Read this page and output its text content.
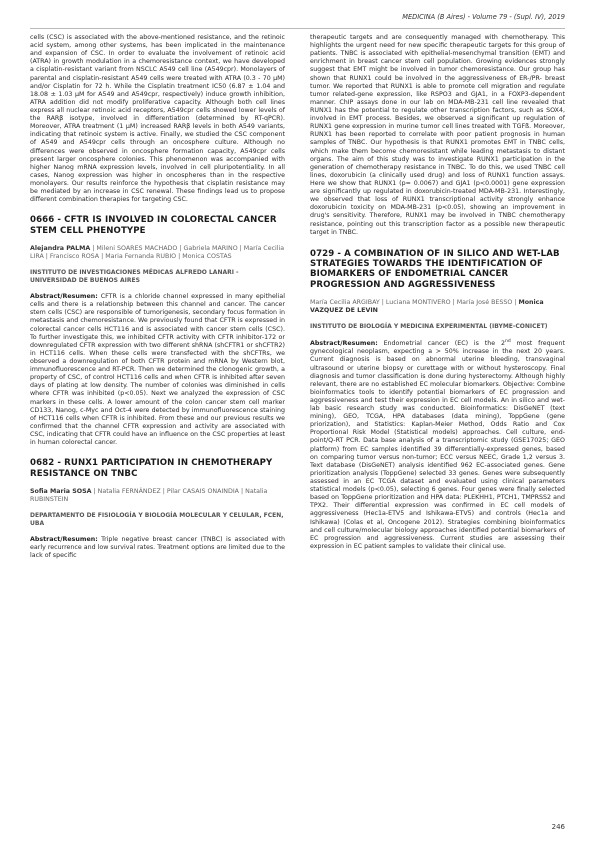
MEDICINA (B Aires) - Volume 79 - (Supl. IV), 2019

cells (CSC) is associated with the above-mentioned resistance, and the retinoic acid system, among other systems, has been implicated in the maintenance and expansion of CSC. In order to evaluate the involvement of retinoic acid (ATRA) in growth modulation in a chemoresistance context, we have developed a cisplatin-resistant variant from NSCLC A549 cell line (A549cpr). Monolayers of parental and cisplatin-resistant A549 cells were treated with ATRA (0.3 - 70 μM) and/or Cisplatin for 72 h. While the Cisplatin treatment IC50 (6.87 ± 1.04 and 18.08 ± 1.03 μM for A549 and A549cpr, respectively) induce growth inhibition, ATRA addition did not modify proliferative capacity. Although both cell lines express all nuclear retinoic acid receptors, A549cpr cells showed lower levels of the RARβ isotype, involved in differentiation (determined by RT-qPCR). Moreover, ATRA treatment (1 μM) increased RARβ levels in both A549 variants, indicating that retinoic system is active. Finally, we studied the CSC component of A549 and A549cpr cells through an oncosphere culture. Although no differences were observed in oncosphere formation capacity, A549cpr cells present larger oncosphere colonies. This phenomenon was accompanied with higher Nanog mRNA expression levels, involved in cell pluripotentiality. In all cases, Nanog expression was higher in oncospheres than in the respective monolayers. Our results reinforce the hypothesis that cisplatin resistance may be mediated by an increase in CSC renewal. These findings lead us to propose different combination therapies for targeting CSC.

0666 - CFTR IS INVOLVED IN COLORECTAL CANCER STEM CELL PHENOTYPE

Alejandra PALMA | Mileni SOARES MACHADO | Gabriela MARINO | María Cecilia LIRA | Francisco ROSA | Maria Fernanda RUBIO | Monica COSTAS

INSTITUTO DE INVESTIGACIONES MÉDICAS ALFREDO LANARI - UNIVERSIDAD DE BUENOS AIRES

Abstract/Resumen: CFTR is a chloride channel expressed in many epithelial cells and there is a relationship between this channel and cancer. The cancer stem cells (CSC) are responsible of tumorigenesis, secondary focus formation in metastasis and chemoresistance. We previously found that CFTR is expressed in colorectal cancer cells HCT116 and is associated with cancer stem cells (CSC). To further investigate this, we inhibited CFTR activity with CFTR inhibitor-172 or downregulated CFTR expression with two different shRNA (shCFTR1 or shCFTR2) in HCT116 cells. When these cells were transfected with the shCFTRs, we observed a downregulation of both CFTR protein and mRNA by Western blot, immunofluorescence and RT-PCR. Then we determined the clonogenic growth, a property of CSC, of control HCT116 cells and when CFTR is inhibited after seven days of plating at low density. The number of colonies was diminished in cells where CFTR was inhibited (p<0.05). Next we analyzed the expression of CSC markers in these cells. A lower amount of the colon cancer stem cell marker CD133, Nanog, c-Myc and Oct-4 were detected by immunofluorescence staining of HCT116 cells when CFTR is inhibited. From these and our previous results we confirmed that the channel CFTR expression and activity are associated with CSC, indicating that CFTR could have an influence on the CSC properties at least in human colorectal cancer.

0682 - RUNX1 PARTICIPATION IN CHEMOTHERAPY RESISTANCE ON TNBC

Sofia Maria SOSA | Natalia FERNÁNDEZ | Pilar CASAIS ONAINDIA | Natalia RUBINSTEIN

DEPARTAMENTO DE FISIOLOGÍA Y BIOLOGÍA MOLECULAR Y CELULAR, FCEN, UBA

Abstract/Resumen: Triple negative breast cancer (TNBC) is associated with early recurrence and low survival rates. Treatment options are limited due to the lack of specific

therapeutic targets and are consequently managed with chemotherapy. This highlights the urgent need for new specific therapeutic targets for this group of patients. TNBC is associated with epithelial-mesenchymal transition (EMT) and enrichment in breast cancer stem cell population. Growing evidences strongly suggest that EMT might be involved in tumor chemoresistance. Our group has shown that RUNX1 could be involved in the aggressiveness of ER-/PR- breast tumor. We reported that RUNX1 is able to promote cell migration and regulate tumor related-gene expression, like RSPO3 and GJA1, in a FOXP3-dependent manner. ChIP assays done in our lab on MDA-MB-231 cell line revealed that RUNX1 has the potential to regulate other transcription factors, such as SOX4, involved in EMT process. Besides, we observed a significant up regulation of RUNX1 gene expression in murine tumor cell lines treated with TGFß. Moreover, RUNX1 has been reported to correlate with poor patient prognosis in human samples of TNBC. Our hypothesis is that RUNX1 promotes EMT in TNBC cells, which make them become chemoresistant while leading metastasis to distant organs. The aim of this study was to investigate RUNX1 participation in the generation of chemotherapy resistance in TNBC. To do this, we used TNBC cell lines, doxorubicin (a clinically used drug) and loss of RUNX1 function assays. Here we show that RUNX1 (p= 0.0067) and GJA1 (p<0.0001) gene expression are significantly up regulated in doxorubicin-treated MDA-MB-231. Interestingly, we observed that loss of RUNX1 transcriptional activity strongly enhance doxorubicin toxicity on MDA-MB-231 (p<0.05), showing an improvement in drug's sensitivity. Therefore, RUNX1 may be involved in TNBC chemotherapy resistance, pointing out this transcription factor as a possible new therapeutic target in TNBC.

0729 - A COMBINATION OF IN SILICO AND WET-LAB STRATEGIES TOWARDS THE IDENTIFICATION OF BIOMARKERS OF ENDOMETRIAL CANCER PROGRESSION AND AGGRESSIVENESS

María Cecilia ARGIBAY | Luciana MONTIVERO | María José BESSO | Monica VAZQUEZ DE LEVIN

INSTITUTO DE BIOLOGÍA Y MEDICINA EXPERIMENTAL (IBYME-CONICET)

Abstract/Resumen: Endometrial cancer (EC) is the 2nd most frequent gynecological neoplasm, expecting a > 50% increase in the next 20 years. Current diagnosis is based on abnormal uterine bleeding, transvaginal ultrasound or uterine biopsy or curettage with or without hysteroscopy. Final diagnosis and tumor classification is done during hysterectomy. Although highly relevant, there are no established EC molecular biomarkers. Objective: Combine bioinformatics tools to identify potential biomarkers of EC progression and aggressiveness and test their expression in EC cell models. An in silico and wet-lab basic research study was conducted. Bioinformatics: DisGeNET (text mining), GEO, TCGA, HPA databases (data mining), ToppGene (gene priorization), and Statistics: Kaplan-Meier Method, Odds Ratio and Cox Proportional Risk Model (Statistical models) approaches. Cell culture, end-point/Q-RT PCR. Data base analysis of a transcriptomic study (GSE17025; GEO platform) from EC samples identified 39 differentially-expressed genes, based on comparing tumor versus non-tumor; ECC versus NEEC, Grade 1,2 versus 3. Text database (DisGeNET) analysis identified 962 EC-associated genes. Gene prioritization analysis (ToppGene) selected 33 genes. Genes were subsequently assessed in an EC TCGA dataset and evaluated using clinical parameters statistical models (p<0.05), selecting 6 genes. Four genes were finally selected based on ToppGene prioritization and HPA data: PLEKHH1, PTCH1, TMPRSS2 and TPX2. Their differential expression was confirmed in EC cell models of aggressiveness (Hec1a-ETV5 and Ishikawa-ETV5) and controls (Hec1a and Ishikawa) (Colas et al, Oncogene 2012). Strategies combining bioinformatics and cell culture/molecular biology approaches identified potential biomarkers of EC progression and aggressiveness. Current studies are assessing their expression in EC patient samples to validate their clinical use.

246
